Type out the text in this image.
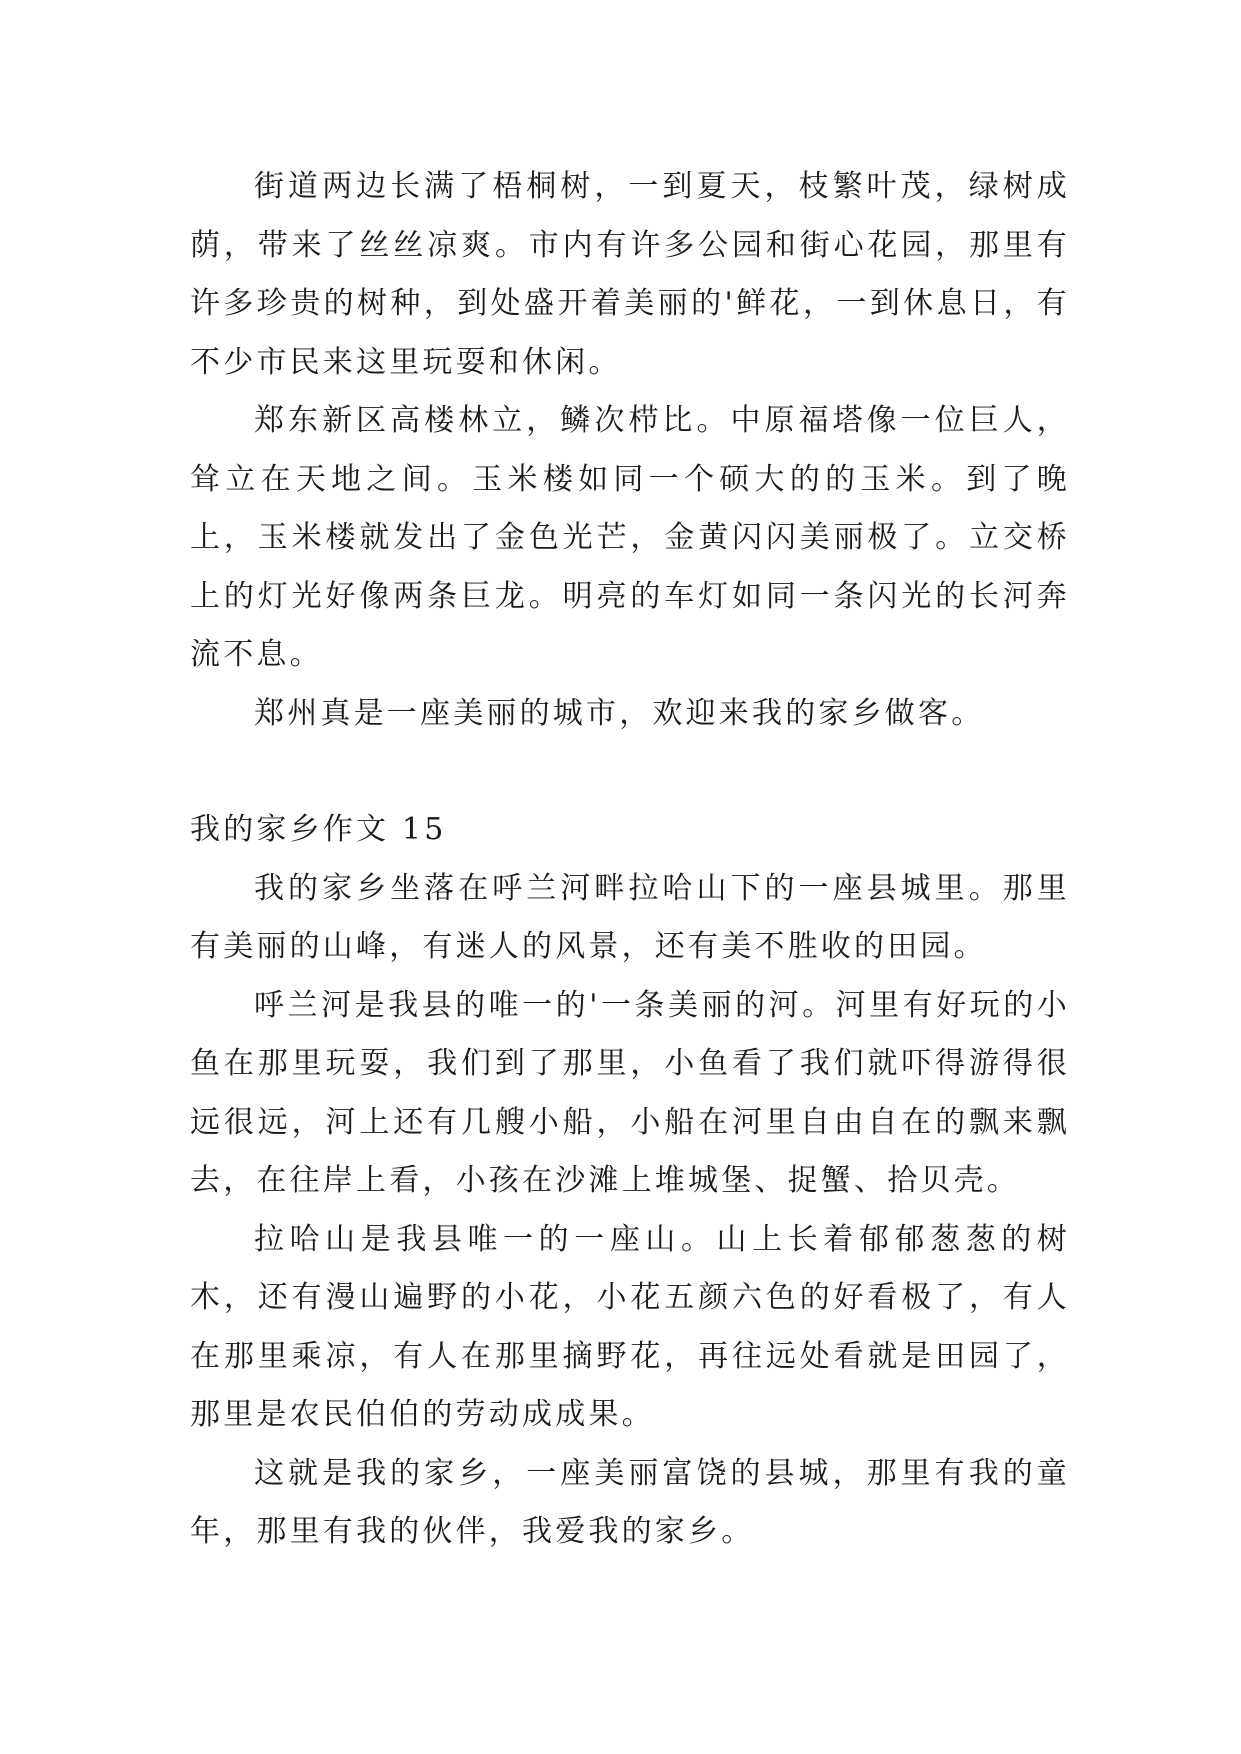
街道两边长满了梧桐树，一到夏天，枝繁叶茂，绿树成荫，带来了丝丝凉爽。市内有许多公园和街心花园，那里有许多珍贵的树种，到处盛开着美丽的'鲜花，一到休息日，有不少市民来这里玩耍和休闲。

郑东新区高楼林立，鳞次栉比。中原福塔像一位巨人，耸立在天地之间。玉米楼如同一个硕大的的玉米。到了晚上，玉米楼就发出了金色光芒，金黄闪闪美丽极了。立交桥上的灯光好像两条巨龙。明亮的车灯如同一条闪光的长河奔流不息。

郑州真是一座美丽的城市，欢迎来我的家乡做客。

我的家乡作文 15

我的家乡坐落在呼兰河畔拉哈山下的一座县城里。那里有美丽的山峰，有迷人的风景，还有美不胜收的田园。

呼兰河是我县的唯一的'一条美丽的河。河里有好玩的小鱼在那里玩耍，我们到了那里，小鱼看了我们就吓得游得很远很远，河上还有几艘小船，小船在河里自由自在的飘来飘去，在往岸上看，小孩在沙滩上堆城堡、捉蟹、拾贝壳。

拉哈山是我县唯一的一座山。山上长着郁郁葱葱的树木，还有漫山遍野的小花，小花五颜六色的好看极了，有人在那里乘凉，有人在那里摘野花，再往远处看就是田园了，那里是农民伯伯的劳动成成果。

这就是我的家乡，一座美丽富饶的县城，那里有我的童年，那里有我的伙伴，我爱我的家乡。
